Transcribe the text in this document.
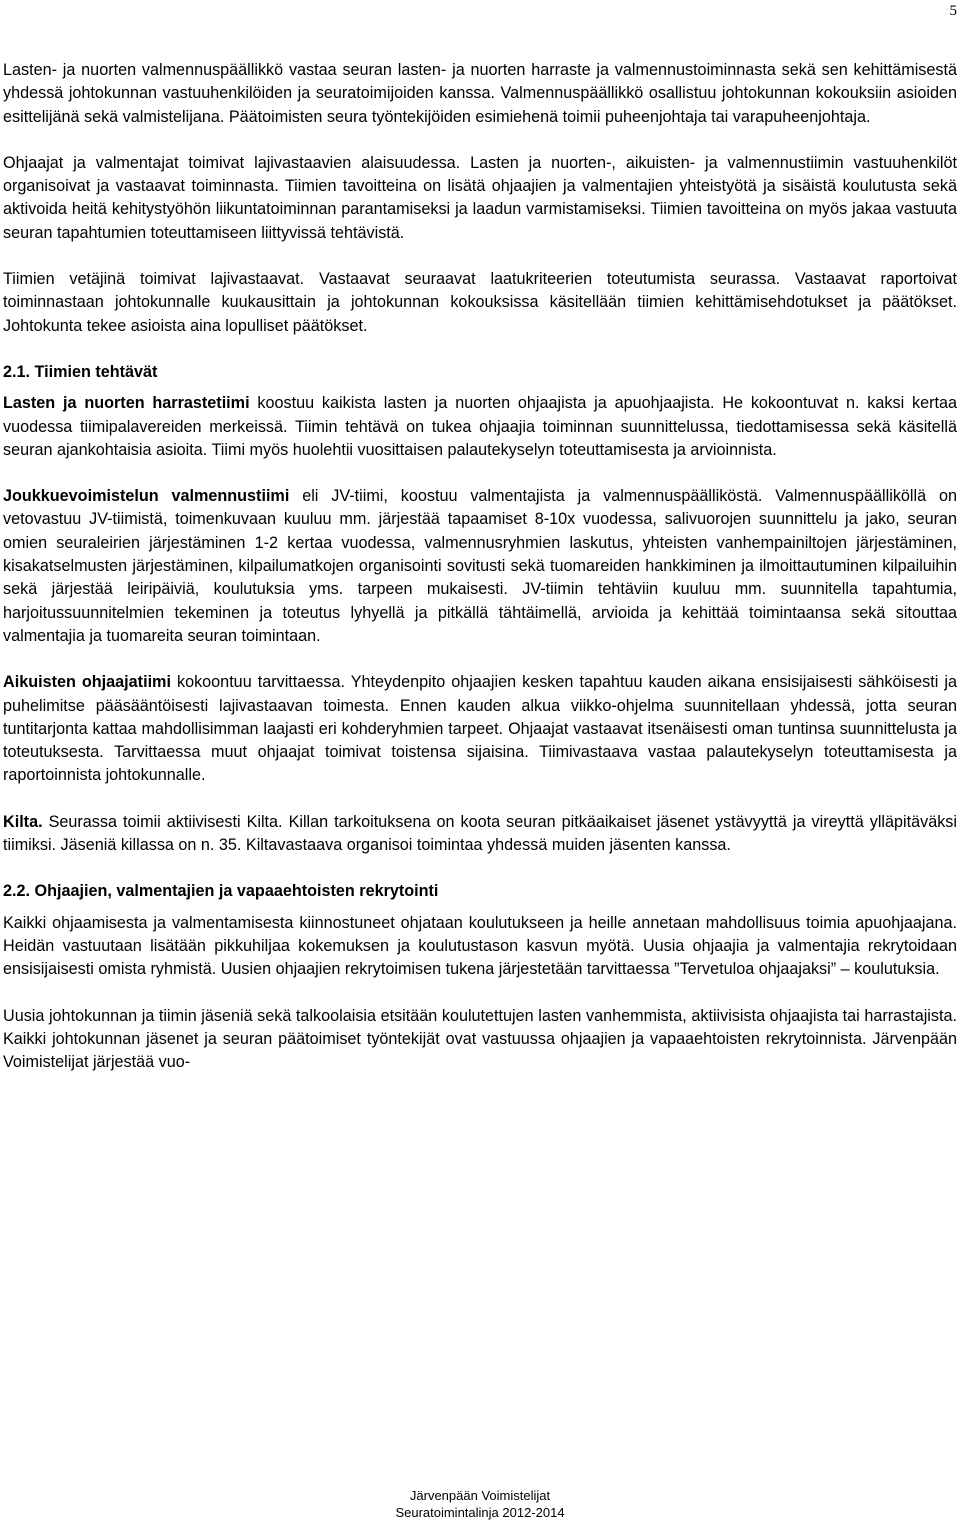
5

Lasten- ja nuorten valmennuspäällikkö vastaa seuran lasten- ja nuorten harraste ja valmennustoiminnasta sekä sen kehittämisestä yhdessä johtokunnan vastuuhenkilöiden ja seuratoimijoiden kanssa. Valmennuspäällikkö osallistuu johtokunnan kokouksiin asioiden esittelijänä sekä valmistelijana. Päätoimisten seura työntekijöiden esimiehenä toimii puheenjohtaja tai varapuheenjohtaja.

Ohjaajat ja valmentajat toimivat lajivastaavien alaisuudessa. Lasten ja nuorten-, aikuisten- ja valmennustiimin vastuuhenkilöt organisoivat ja vastaavat toiminnasta. Tiimien tavoitteina on lisätä ohjaajien ja valmentajien yhteistyötä ja sisäistä koulutusta sekä aktivoida heitä kehitystyöhön liikuntatoiminnan parantamiseksi ja laadun varmistamiseksi. Tiimien tavoitteina on myös jakaa vastuuta seuran tapahtumien toteuttamiseen liittyvissä tehtävistä.

Tiimien vetäjinä toimivat lajivastaavat. Vastaavat seuraavat laatukriteerien toteutumista seurassa. Vastaavat raportoivat toiminnastaan johtokunnalle kuukausittain ja johtokunnan kokouksissa käsitellään tiimien kehittämisehdotukset ja päätökset. Johtokunta tekee asioista aina lopulliset päätökset.

2.1. Tiimien tehtävät

Lasten ja nuorten harrastetiimi koostuu kaikista lasten ja nuorten ohjaajista ja apuohjaajista. He kokoontuvat n. kaksi kertaa vuodessa tiimipalavereiden merkeissä. Tiimin tehtävä on tukea ohjaajia toiminnan suunnittelussa, tiedottamisessa sekä käsitellä seuran ajankohtaisia asioita. Tiimi myös huolehtii vuosittaisen palautekyselyn toteuttamisesta ja arvioinnista.

Joukkuevoimistelun valmennustiimi eli JV-tiimi, koostuu valmentajista ja valmennuspäälliköstä. Valmennuspäälliköllä on vetovastuu JV-tiimistä, toimenkuvaan kuuluu mm. järjestää tapaamiset 8-10x vuodessa, salivuorojen suunnittelu ja jako, seuran omien seuraleirien järjestäminen 1-2 kertaa vuodessa, valmennusryhmien laskutus, yhteisten vanhempainiltojen järjestäminen, kisakatselmusten järjestäminen, kilpailumatkojen organisointi sovitusti sekä tuomareiden hankkiminen ja ilmoittautuminen kilpailuihin sekä järjestää leiripäiviä, koulutuksia yms. tarpeen mukaisesti. JV-tiimin tehtäviin kuuluu mm. suunnitella tapahtumia, harjoitussuunnitelmien tekeminen ja toteutus lyhyellä ja pitkällä tähtäimellä, arvioida ja kehittää toimintaansa sekä sitouttaa valmentajia ja tuomareita seuran toimintaan.

Aikuisten ohjaajatiimi kokoontuu tarvittaessa. Yhteydenpito ohjaajien kesken tapahtuu kauden aikana ensisijaisesti sähköisesti ja puhelimitse pääsääntöisesti lajivastaavan toimesta. Ennen kauden alkua viikko-ohjelma suunnitellaan yhdessä, jotta seuran tuntitarjonta kattaa mahdollisimman laajasti eri kohderyhmien tarpeet. Ohjaajat vastaavat itsenäisesti oman tuntinsa suunnittelusta ja toteutuksesta. Tarvittaessa muut ohjaajat toimivat toistensa sijaisina. Tiimivastaava vastaa palautekyselyn toteuttamisesta ja raportoinnista johtokunnalle.

Kilta. Seurassa toimii aktiivisesti Kilta. Killan tarkoituksena on koota seuran pitkäaikaiset jäsenet ystävyyttä ja vireyttä ylläpitäväksi tiimiksi. Jäseniä killassa on n. 35. Kiltavastaava organisoi toimintaa yhdessä muiden jäsenten kanssa.

2.2. Ohjaajien, valmentajien ja vapaaehtoisten rekrytointi

Kaikki ohjaamisesta ja valmentamisesta kiinnostuneet ohjataan koulutukseen ja heille annetaan mahdollisuus toimia apuohjaajana. Heidän vastuutaan lisätään pikkuhiljaa kokemuksen ja koulutustason kasvun myötä. Uusia ohjaajia ja valmentajia rekrytoidaan ensisijaisesti omista ryhmistä. Uusien ohjaajien rekrytoimisen tukena järjestetään tarvittaessa ”Tervetuloa ohjaajaksi” – koulutuksia.

Uusia johtokunnan ja tiimin jäseniä sekä talkoolaisia etsitään koulutettujen lasten vanhemmista, aktiivisista ohjaajista tai harrastajista. Kaikki johtokunnan jäsenet ja seuran päätoimiset työntekijät ovat vastuussa ohjaajien ja vapaaehtoisten rekrytoinnista. Järvenpään Voimistelijat järjestää vuo-

Järvenpään Voimistelijat
Seuratoimintalinja 2012-2014
